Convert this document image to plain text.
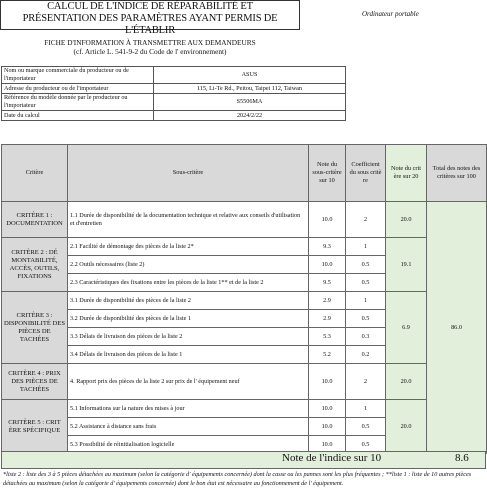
CALCUL DE L'INDICE DE RÉPARABILITÉ ET
PRÉSENTATION DES PARAMÈTRES AYANT PERMIS DE L'ÉTABLIR
Ordinateur portable
FICHE D'INFORMATION À TRANSMETTRE AUX DEMANDEURS
(cf. Article L. 541-9-2 du Code de l' environnement)
Nom ou marque commerciale du producteur ou de l'importateur	ASUS
Adresse du producteur ou de l'importateur	115, Li-Te Rd., Peitou, Taipei 112, Taiwan
Référence du modèle donnée par le producteur ou l'importateur	S5506MA
Date du calcul	2024/2/22
Critère	Sous-critère	Note du sous-critère sur 10	Coefficient du sous critè re	Note du crit ère sur 20	Total des notes des critères sur 100
CRITÈRE 1 : DOCUMENTATION	1.1 Durée de disponibilité de la documentation technique et relative aux conseils d'utilisation et d'entretien	10.0	2	20.0	86.0
CRITÈRE 2 : DÉ MONTABILITÉ, ACCÈS, OUTILS, FIXATIONS	2.1 Facilité de démontage des pièces de la liste 2*	9.3	1	19.1	
	2.2 Outils nécessaires (liste 2)	10.0	0.5		
	2.3 Caractéristiques des fixations entre les pièces de la liste 1** et de la liste 2	9.5	0.5		
CRITÈRE 3 : DISPONIBILITÉ DES PIÈCES DE TACHÉES	3.1 Durée de disponibilité des pièces de la liste 2	2.9	1	6.9	
	3.2 Durée de disponibilité des pièces de la liste 1	2.9	0.5		
	3.3 Délais de livraison des pièces de la liste 2	5.3	0.3		
	3.4 Délais de livraison des pièces de la liste 1	5.2	0.2		
CRITÈRE 4 : PRIX DES PIÈCES DE TACHÉES	4. Rapport prix des pièces de la liste 2 sur prix de l' équipement neuf	10.0	2	20.0	
CRITÈRE 5 : CRIT ÈRE SPÉCIFIQUE	5.1 Informations sur la nature des mises à jour	10.0	1	20.0	
	5.2 Assistance à distance sans frais	10.0	0.5		
	5.3 Possibilité de réinitialisation logicielle	10.0	0.5		
Note de l'indice sur 10	8.6
*liste 2 : liste des 3 à 5 pièces détachées au maximum (selon la catégorie d' équipements concernée) dont la casse ou les pannes sont les plus fréquentes ; **liste 1 : liste de 10 autres pièces détachées au maximum (selon la catégorie d' équipements concernée) dont le bon état est nécessaire au fonctionnement de l' équipement.
